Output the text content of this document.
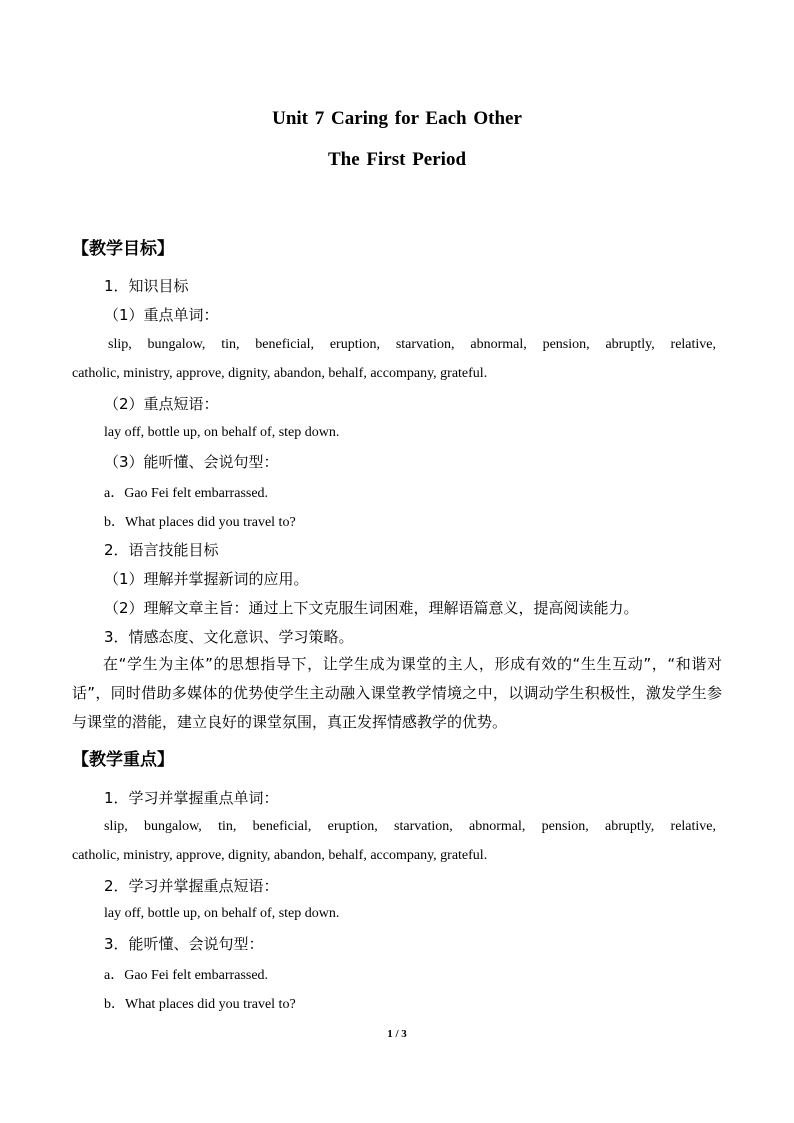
Unit 7 Caring for Each Other
The First Period
【教学目标】
1．知识目标
（1）重点单词：
slip, bungalow, tin, beneficial, eruption, starvation, abnormal, pension, abruptly, relative,
catholic, ministry, approve, dignity, abandon, behalf, accompany, grateful.
（2）重点短语：
lay off, bottle up, on behalf of, step down.
（3）能听懂、会说句型：
a．Gao Fei felt embarrassed.
b．What places did you travel to?
2．语言技能目标
（1）理解并掌握新词的应用。
（2）理解文章主旨：通过上下文克服生词困难，理解语篇意义，提高阅读能力。
3．情感态度、文化意识、学习策略。
在“学生为主体”的思想指导下，让学生成为课堂的主人，形成有效的“生生互动”，“和谐对话”，同时借助多媒体的优势使学生主动融入课堂教学情境之中，以调动学生积极性，激发学生参与课堂的潜能，建立良好的课堂氛围，真正发挥情感教学的优势。
【教学重点】
1．学习并掌握重点单词：
slip, bungalow, tin, beneficial, eruption, starvation, abnormal, pension, abruptly, relative,
catholic, ministry, approve, dignity, abandon, behalf, accompany, grateful.
2．学习并掌握重点短语：
lay off, bottle up, on behalf of, step down.
3．能听懂、会说句型：
a．Gao Fei felt embarrassed.
b．What places did you travel to?
1 / 3
